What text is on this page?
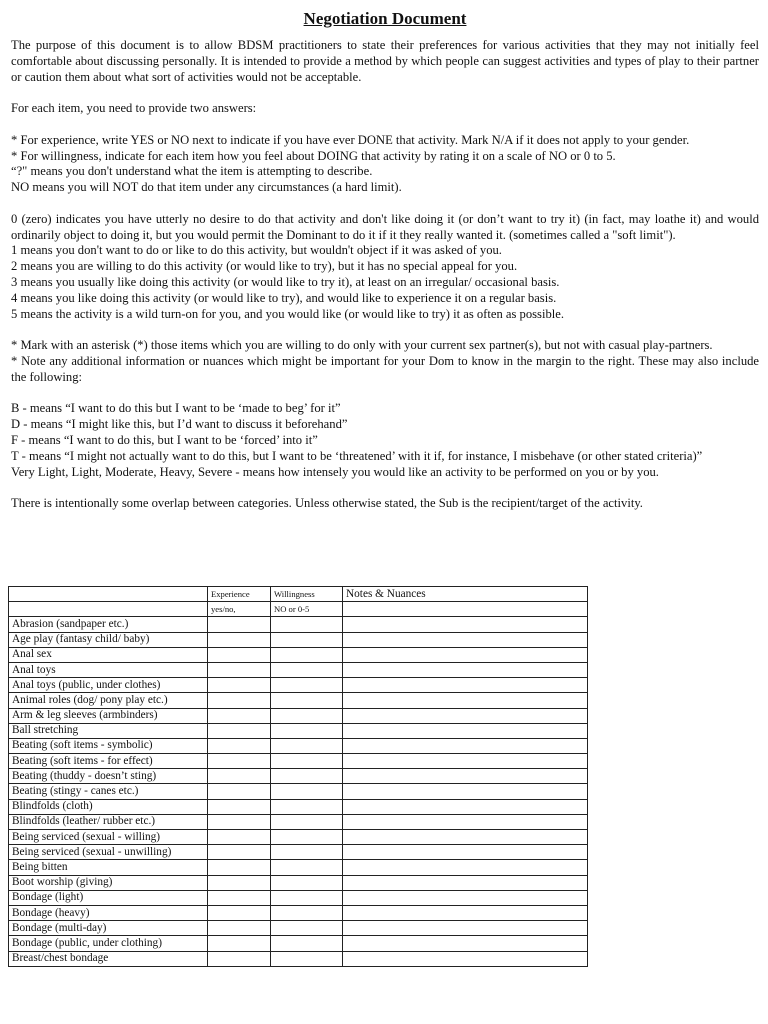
Negotiation Document

The purpose of this document is to allow BDSM practitioners to state their preferences for various activities that they may not initially feel comfortable about discussing personally. It is intended to provide a method by which people can suggest activities and types of play to their partner or caution them about what sort of activities would not be acceptable.

For each item, you need to provide two answers:

* For experience, write YES or NO next to indicate if you have ever DONE that activity. Mark N/A if it does not apply to your gender.

* For willingness, indicate for each item how you feel about DOING that activity by rating it on a scale of NO or 0 to 5.

“?" means you don't understand what the item is attempting to describe.

NO means you will NOT do that item under any circumstances (a hard limit).

0 (zero) indicates you have utterly no desire to do that activity and don't like doing it (or don’t want to try it) (in fact, may loathe it) and would ordinarily object to doing it, but you would permit the Dominant to do it if it they really wanted it. (sometimes called a "soft limit").

1 means you don't want to do or like to do this activity, but wouldn't object if it was asked of you.

2 means you are willing to do this activity (or would like to try), but it has no special appeal for you.

3 means you usually like doing this activity (or would like to try it), at least on an irregular/ occasional basis.

4 means you like doing this activity (or would like to try), and would like to experience it on a regular basis.

5 means the activity is a wild turn-on for you, and you would like (or would like to try) it as often as possible.

* Mark with an asterisk (*) those items which you are willing to do only with your current sex partner(s), but not with casual play-partners.

* Note any additional information or nuances which might be important for your Dom to know in the margin to the right. These may also include the following:

B - means “I want to do this but I want to be ‘made to beg’ for it”

D - means “I might like this, but I’d want to discuss it beforehand”

F - means “I want to do this, but I want to be ‘forced’ into it”

T - means “I might not actually want to do this, but I want to be ‘threatened’ with it if, for instance, I misbehave (or other stated criteria)”

Very Light, Light, Moderate, Heavy, Severe - means how intensely you would like an activity to be performed on you or by you.

There is intentionally some overlap between categories. Unless otherwise stated, the Sub is the recipient/target of the activity.

	Experience	Willingness	Notes & Nuances
	yes/no,	NO or 0-5	
Abrasion (sandpaper etc.)			
Age play (fantasy child/ baby)			
Anal sex			
Anal toys			
Anal toys (public, under clothes)			
Animal roles (dog/ pony play etc.)			
Arm & leg sleeves (armbinders)			
Ball stretching			
Beating (soft items - symbolic)			
Beating (soft items - for effect)			
Beating (thuddy - doesn’t sting)			
Beating (stingy - canes etc.)			
Blindfolds (cloth)			
Blindfolds (leather/ rubber etc.)			
Being serviced (sexual - willing)			
Being serviced (sexual - unwilling)			
Being bitten			
Boot worship (giving)			
Bondage (light)			
Bondage (heavy)			
Bondage (multi-day)			
Bondage (public, under clothing)			
Breast/chest bondage			
